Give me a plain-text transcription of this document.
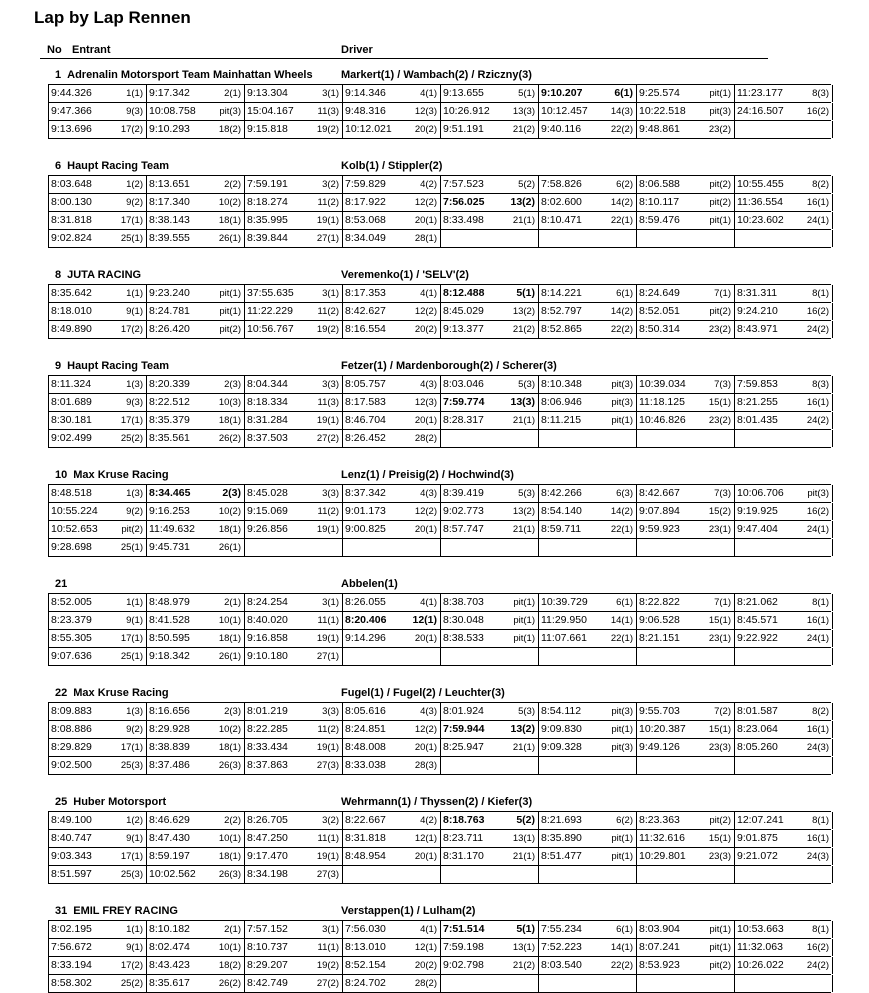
Lap by Lap Rennen
No Entrant	Driver
1 Adrenalin Motorsport Team Mainhattan Wheels	Markert(1) / Wambach(2) / Rziczny(3)
9:44.326	1(1) 9:17.342	2(1) 9:13.304	3(1) 9:14.346	4(1) 9:13.655	5(1) 9:10.207	6(1) 9:25.574	pit(1) 11:23.177	8(3)
9:47.366	9(3) 10:08.758 pit(3) 15:04.167	11(3) 9:48.316	12(3) 10:26.912 13(3) 10:12.457 14(3) 10:22.518 pit(3) 24:16.507 16(2)
9:13.696	17(2) 9:10.293	18(2) 9:15.818	19(2) 10:12.021 20(2) 9:51.191	21(2) 9:40.116	22(2) 9:48.861	23(2)
6 Haupt Racing Team	Kolb(1) / Stippler(2)
8:03.648	1(2) 8:13.651	2(2) 7:59.191	3(2) 7:59.829	4(2) 7:57.523	5(2) 7:58.826	6(2) 8:06.588	pit(2) 10:55.455	8(2)
8:00.130	9(2) 8:17.340	10(2) 8:18.274	11(2) 8:17.922	12(2) 7:56.025 13(2) 8:02.600	14(2) 8:10.117	pit(2) 11:36.554	16(1)
8:31.818	17(1) 8:38.143	18(1) 8:35.995	19(1) 8:53.068	20(1) 8:33.498	21(1) 8:10.471	22(1) 8:59.476	pit(1) 10:23.602 24(1)
9:02.824	25(1) 8:39.555	26(1) 8:39.844	27(1) 8:34.049	28(1)
8 JUTA RACING	Veremenko(1) / 'SELV'(2)
8:35.642	1(1) 9:23.240	pit(1) 37:55.635	3(1) 8:17.353	4(1) 8:12.488	5(1) 8:14.221	6(1) 8:24.649	7(1) 8:31.311	8(1)
8:18.010	9(1) 8:24.781	pit(1) 11:22.229	11(2) 8:42.627	12(2) 8:45.029	13(2) 8:52.797	14(2) 8:52.051	pit(2) 9:24.210	16(2)
8:49.890	17(2) 8:26.420	pit(2) 10:56.767 19(2) 8:16.554	20(2) 9:13.377	21(2) 8:52.865	22(2) 8:50.314	23(2) 8:43.971	24(2)
9 Haupt Racing Team	Fetzer(1) / Mardenborough(2) / Scherer(3)
8:11.324	1(3) 8:20.339	2(3) 8:04.344	3(3) 8:05.757	4(3) 8:03.046	5(3) 8:10.348	pit(3) 10:39.034	7(3) 7:59.853	8(3)
8:01.689	9(3) 8:22.512	10(3) 8:18.334	11(3) 8:17.583	12(3) 7:59.774 13(3) 8:06.946	pit(3) 11:18.125	15(1) 8:21.255	16(1)
8:30.181	17(1) 8:35.379	18(1) 8:31.284	19(1) 8:46.704	20(1) 8:28.317	21(1) 8:11.215	pit(1) 10:46.826 23(2) 8:01.435	24(2)
9:02.499	25(2) 8:35.561	26(2) 8:37.503	27(2) 8:26.452	28(2)
10 Max Kruse Racing	Lenz(1) / Preisig(2) / Hochwind(3)
8:48.518	1(3) 8:34.465	2(3) 8:45.028	3(3) 8:37.342	4(3) 8:39.419	5(3) 8:42.266	6(3) 8:42.667	7(3) 10:06.706 pit(3)
10:55.224	9(2) 9:16.253	10(2) 9:15.069	11(2) 9:01.173	12(2) 9:02.773	13(2) 8:54.140	14(2) 9:07.894	15(2) 9:19.925	16(2)
10:52.653 pit(2) 11:49.632	18(1) 9:26.856	19(1) 9:00.825	20(1) 8:57.747	21(1) 8:59.711	22(1) 9:59.923	23(1) 9:47.404	24(1)
9:28.698	25(1) 9:45.731	26(1)
21	Abbelen(1)
8:52.005	1(1) 8:48.979	2(1) 8:24.254	3(1) 8:26.055	4(1) 8:38.703	pit(1) 10:39.729	6(1) 8:22.822	7(1) 8:21.062	8(1)
8:23.379	9(1) 8:41.528	10(1) 8:40.020	11(1) 8:20.406 12(1) 8:30.048	pit(1) 11:29.950	14(1) 9:06.528	15(1) 8:45.571	16(1)
8:55.305	17(1) 8:50.595	18(1) 9:16.858	19(1) 9:14.296	20(1) 8:38.533	pit(1) 11:07.661	22(1) 8:21.151	23(1) 9:22.922	24(1)
9:07.636	25(1) 9:18.342	26(1) 9:10.180	27(1)
22 Max Kruse Racing	Fugel(1) / Fugel(2) / Leuchter(3)
8:09.883	1(3) 8:16.656	2(3) 8:01.219	3(3) 8:05.616	4(3) 8:01.924	5(3) 8:54.112	pit(3) 9:55.703	7(2) 8:01.587	8(2)
8:08.886	9(2) 8:29.928	10(2) 8:22.285	11(2) 8:24.851	12(2) 7:59.944 13(2) 9:09.830	pit(1) 10:20.387 15(1) 8:23.064	16(1)
8:29.829	17(1) 8:38.839	18(1) 8:33.434	19(1) 8:48.008	20(1) 8:25.947	21(1) 9:09.328	pit(3) 9:49.126	23(3) 8:05.260	24(3)
9:02.500	25(3) 8:37.486	26(3) 8:37.863	27(3) 8:33.038	28(3)
25 Huber Motorsport	Wehrmann(1) / Thyssen(2) / Kiefer(3)
8:49.100	1(2) 8:46.629	2(2) 8:26.705	3(2) 8:22.667	4(2) 8:18.763	5(2) 8:21.693	6(2) 8:23.363	pit(2) 12:07.241	8(1)
8:40.747	9(1) 8:47.430	10(1) 8:47.250	11(1) 8:31.818	12(1) 8:23.711	13(1) 8:35.890	pit(1) 11:32.616	15(1) 9:01.875	16(1)
9:03.343	17(1) 8:59.197	18(1) 9:17.470	19(1) 8:48.954	20(1) 8:31.170	21(1) 8:51.477	pit(1) 10:29.801 23(3) 9:21.072	24(3)
8:51.597	25(3) 10:02.562 26(3) 8:34.198	27(3)
31 EMIL FREY RACING	Verstappen(1) / Lulham(2)
8:02.195	1(1) 8:10.182	2(1) 7:57.152	3(1) 7:56.030	4(1) 7:51.514	5(1) 7:55.234	6(1) 8:03.904	pit(1) 10:53.663	8(1)
7:56.672	9(1) 8:02.474	10(1) 8:10.737	11(1) 8:13.010	12(1) 7:59.198	13(1) 7:52.223	14(1) 8:07.241	pit(1) 11:32.063	16(2)
8:33.194	17(2) 8:43.423	18(2) 8:29.207	19(2) 8:52.154	20(2) 9:02.798	21(2) 8:03.540	22(2) 8:53.923	pit(2) 10:26.022 24(2)
8:58.302	25(2) 8:35.617	26(2) 8:42.749	27(2) 8:24.702	28(2)
